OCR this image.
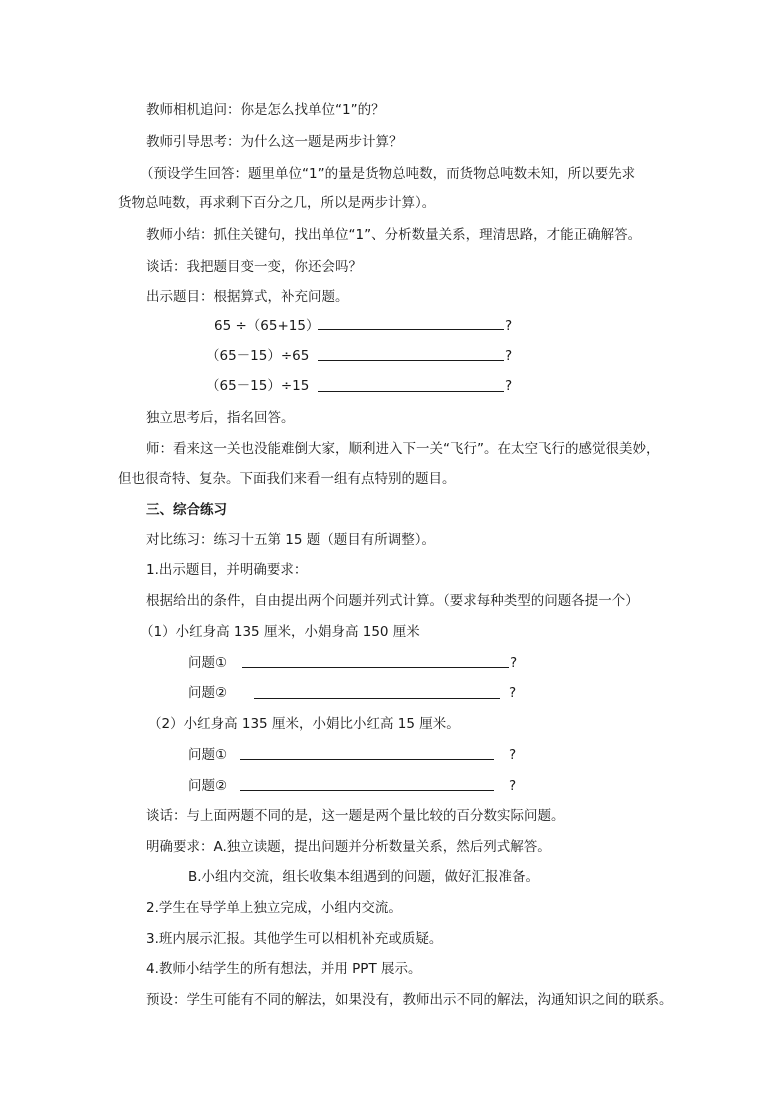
教师相机追问：你是怎么找单位“1”的？
教师引导思考：为什么这一题是两步计算？
（预设学生回答：题里单位“1”的量是货物总吨数，而货物总吨数未知，所以要先求
货物总吨数，再求剩下百分之几，所以是两步计算）。
教师小结：抓住关键句，找出单位“1”、分析数量关系，理清思路，才能正确解答。
谈话：我把题目变一变，你还会吗？
出示题目：根据算式，补充问题。
65 ÷（65+15）	?
（65－15）÷65	?
（65－15）÷15	?
独立思考后，指名回答。
师：看来这一关也没能难倒大家，顺利进入下一关“飞行”。在太空飞行的感觉很美妙，
但也很奇特、复杂。下面我们来看一组有点特别的题目。
三、综合练习
对比练习：练习十五第 15 题（题目有所调整）。
1.出示题目，并明确要求：
根据给出的条件，自由提出两个问题并列式计算。（要求每种类型的问题各提一个）
（1）小红身高 135 厘米，小娟身高 150 厘米
问题①	?
问题②	?
（2）小红身高 135 厘米，小娟比小红高 15 厘米。
问题①	?
问题②	?
谈话：与上面两题不同的是，这一题是两个量比较的百分数实际问题。
明确要求：A.独立读题，提出问题并分析数量关系，然后列式解答。
B.小组内交流，组长收集本组遇到的问题，做好汇报准备。
2.学生在导学单上独立完成，小组内交流。
3.班内展示汇报。其他学生可以相机补充或质疑。
4.教师小结学生的所有想法，并用 PPT 展示。
预设：学生可能有不同的解法，如果没有，教师出示不同的解法，沟通知识之间的联系。
